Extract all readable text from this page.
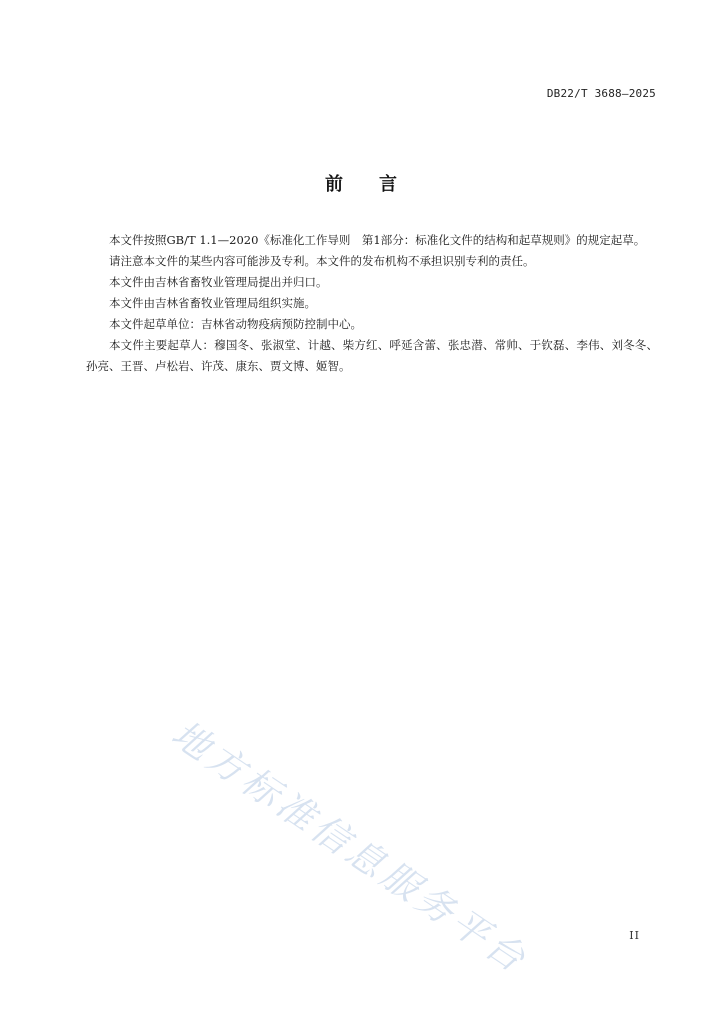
DB22/T 3688—2025
前 言

本文件按照GB/T 1.1—2020《标准化工作导则　第1部分：标准化文件的结构和起草规则》的规定起草。

请注意本文件的某些内容可能涉及专利。本文件的发布机构不承担识别专利的责任。

本文件由吉林省畜牧业管理局提出并归口。

本文件由吉林省畜牧业管理局组织实施。

本文件起草单位：吉林省动物疫病预防控制中心。

本文件主要起草人：穆国冬、张淑堂、计越、柴方红、呼延含蕾、张忠潜、常帅、于钦磊、李伟、刘冬冬、孙亮、王晋、卢松岩、许茂、康东、贾文博、姬智。

地方标准信息服务平台	II
